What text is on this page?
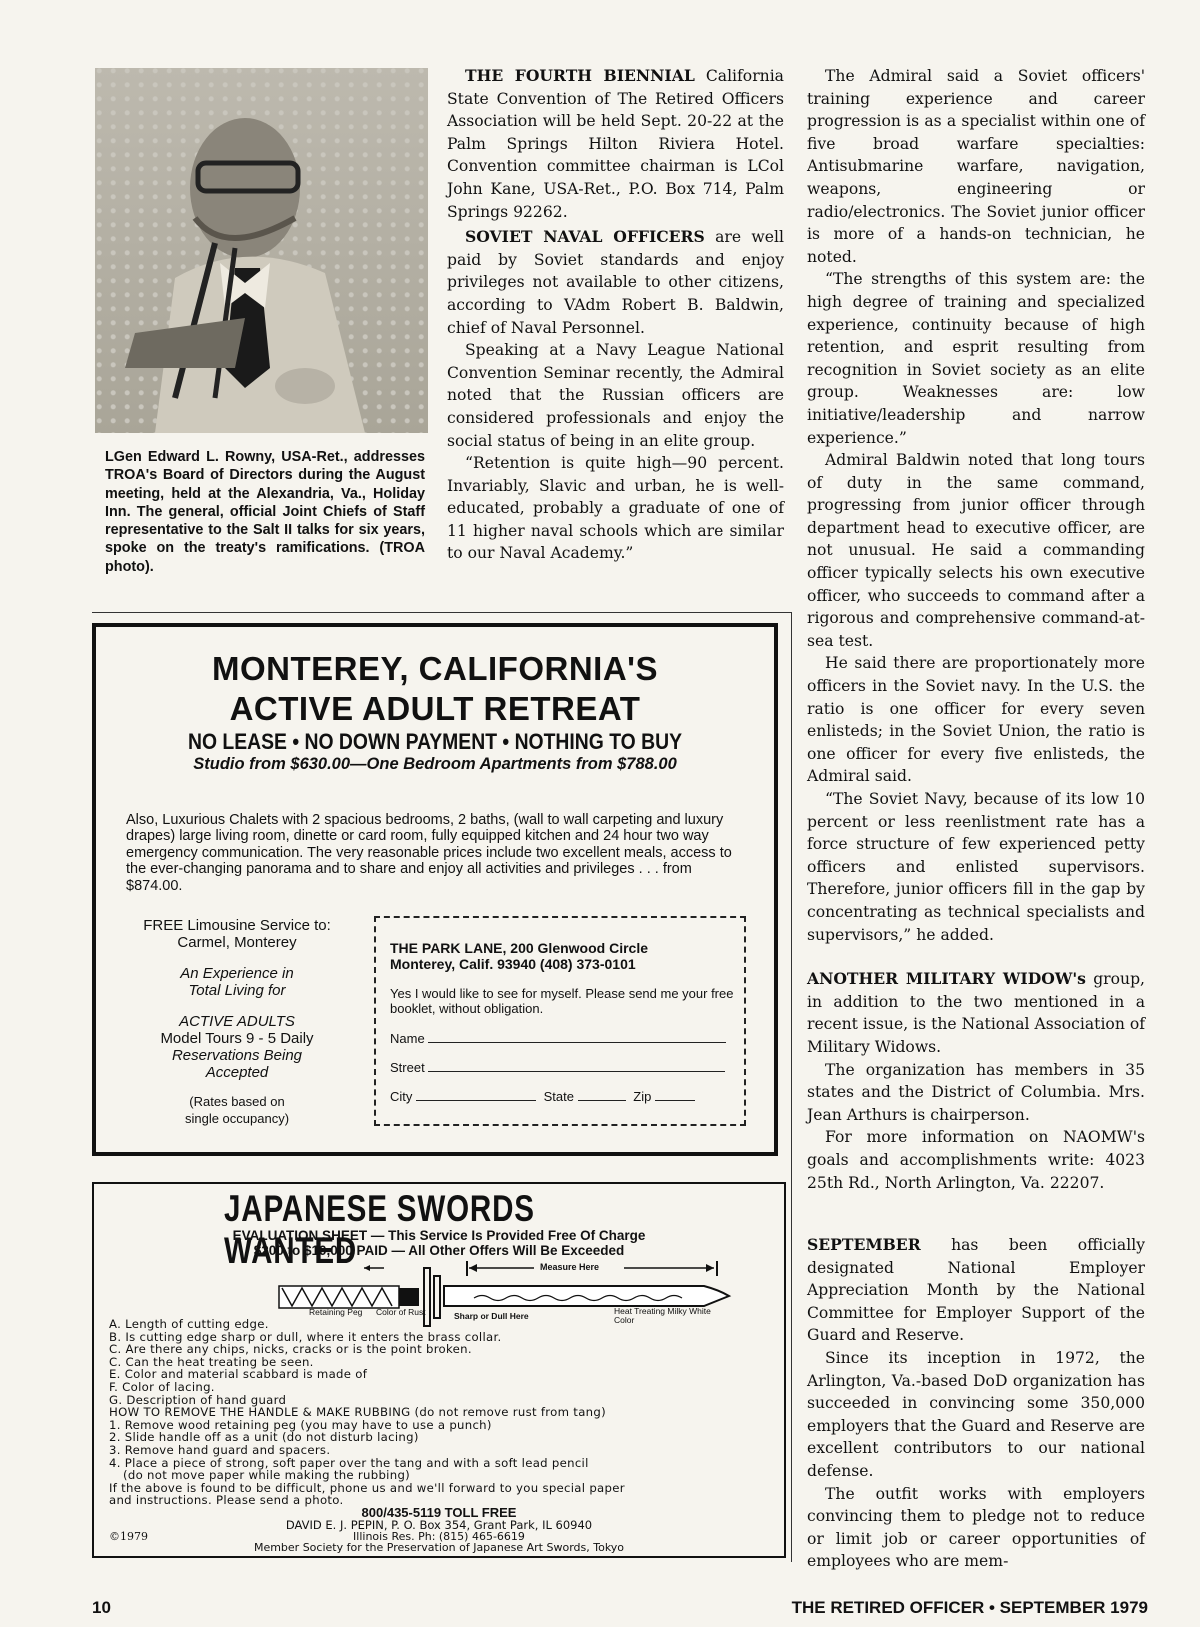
LGen Edward L. Rowny, USA-Ret., addresses TROA's Board of Directors during the August meeting, held at the Alexandria, Va., Holiday Inn. The general, official Joint Chiefs of Staff representative to the Salt II talks for six years, spoke on the treaty's ramifications. (TROA photo).

THE FOURTH BIENNIAL California State Convention of The Retired Officers Association will be held Sept. 20-22 at the Palm Springs Hilton Riviera Hotel. Convention committee chairman is LCol John Kane, USA-Ret., P.O. Box 714, Palm Springs 92262.

SOVIET NAVAL OFFICERS are well paid by Soviet standards and enjoy privileges not available to other citizens, according to VAdm Robert B. Baldwin, chief of Naval Personnel.

Speaking at a Navy League National Convention Seminar recently, the Admiral noted that the Russian officers are considered professionals and enjoy the social status of being in an elite group.

“Retention is quite high—90 percent. Invariably, Slavic and urban, he is well-educated, probably a graduate of one of 11 higher naval schools which are similar to our Naval Academy.”

The Admiral said a Soviet officers' training experience and career progression is as a specialist within one of five broad warfare specialties: Antisubmarine warfare, navigation, weapons, engineering or radio/electronics. The Soviet junior officer is more of a hands-on technician, he noted.

“The strengths of this system are: the high degree of training and specialized experience, continuity because of high retention, and esprit resulting from recognition in Soviet society as an elite group. Weaknesses are: low initiative/leadership and narrow experience.”

Admiral Baldwin noted that long tours of duty in the same command, progressing from junior officer through department head to executive officer, are not unusual. He said a commanding officer typically selects his own executive officer, who succeeds to command after a rigorous and comprehensive command-at-sea test.

He said there are proportionately more officers in the Soviet navy. In the U.S. the ratio is one officer for every seven enlisteds; in the Soviet Union, the ratio is one officer for every five enlisteds, the Admiral said.

“The Soviet Navy, because of its low 10 percent or less reenlistment rate has a force structure of few experienced petty officers and enlisted supervisors. Therefore, junior officers fill in the gap by concentrating as technical specialists and supervisors,” he added.

ANOTHER MILITARY WIDOW's group, in addition to the two mentioned in a recent issue, is the National Association of Military Widows.

The organization has members in 35 states and the District of Columbia. Mrs. Jean Arthurs is chairperson.

For more information on NAOMW's goals and accomplishments write: 4023 25th Rd., North Arlington, Va. 22207.

SEPTEMBER has been officially designated National Employer Appreciation Month by the National Committee for Employer Support of the Guard and Reserve.

Since its inception in 1972, the Arlington, Va.-based DoD organization has succeeded in convincing some 350,000 employers that the Guard and Reserve are excellent contributors to our national defense.

The outfit works with employers convincing them to pledge not to reduce or limit job or career opportunities of employees who are mem-

MONTEREY, CALIFORNIA'S
ACTIVE ADULT RETREAT
NO LEASE • NO DOWN PAYMENT • NOTHING TO BUY
Studio from $630.00—One Bedroom Apartments from $788.00
Also, Luxurious Chalets with 2 spacious bedrooms, 2 baths, (wall to wall carpeting and luxury drapes) large living room, dinette or card room, fully equipped kitchen and 24 hour two way emergency communication. The very reasonable prices include two excellent meals, access to the ever-changing panorama and to share and enjoy all activities and privileges . . . from $874.00.
FREE Limousine Service to:
Carmel, Monterey
An Experience in
Total Living for
ACTIVE ADULTS
Model Tours 9 - 5 Daily
Reservations Being
Accepted
(Rates based on
single occupancy)
THE PARK LANE, 200 Glenwood Circle
Monterey, Calif. 93940 (408) 373-0101
Yes I would like to see for myself. Please send me your free booklet, without obligation.
Name
Street
City	State	Zip
JAPANESE SWORDS WANTED
EVALUATION SHEET — This Service Is Provided Free Of Charge
$200 to $10,000 PAID — All Other Offers Will Be Exceeded
Measure Here
Retaining Peg	Color of Rust	Sharp or Dull Here	Heat Treating Milky White Color
A. Length of cutting edge.
B. Is cutting edge sharp or dull, where it enters the brass collar.
C. Are there any chips, nicks, cracks or is the point broken.
C. Can the heat treating be seen.
E. Color and material scabbard is made of
F. Color of lacing.
G. Description of hand guard
HOW TO REMOVE THE HANDLE & MAKE RUBBING (do not remove rust from tang)
1. Remove wood retaining peg (you may have to use a punch)
2. Slide handle off as a unit (do not disturb lacing)
3. Remove hand guard and spacers.
4. Place a piece of strong, soft paper over the tang and with a soft lead pencil
(do not move paper while making the rubbing)
If the above is found to be difficult, phone us and we'll forward to you special paper
and instructions. Please send a photo.
800/435-5119 TOLL FREE
DAVID E. J. PEPIN, P. O. Box 354, Grant Park, IL 60940
Illinois Res. Ph: (815) 465-6619
Member Society for the Preservation of Japanese Art Swords, Tokyo
©1979
10	THE RETIRED OFFICER • SEPTEMBER 1979
